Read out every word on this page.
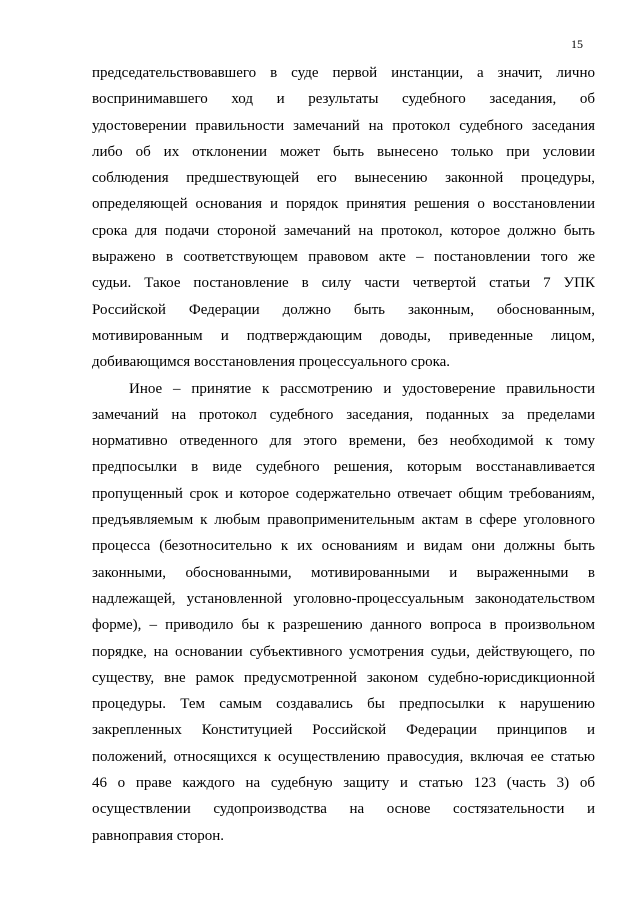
15
председательствовавшего в суде первой инстанции, а значит, лично
воспринимавшего ход и результаты судебного заседания, об
удостоверении правильности замечаний на протокол судебного заседания
либо об их отклонении может быть вынесено только при условии
соблюдения предшествующей его вынесению законной процедуры,
определяющей основания и порядок принятия решения о восстановлении
срока для подачи стороной замечаний на протокол, которое должно быть
выражено в соответствующем правовом акте – постановлении того же
судьи. Такое постановление в силу части четвертой статьи 7 УПК
Российской Федерации должно быть законным, обоснованным,
мотивированным и подтверждающим доводы, приведенные лицом,
добивающимся восстановления процессуального срока.
Иное – принятие к рассмотрению и удостоверение правильности
замечаний на протокол судебного заседания, поданных за пределами
нормативно отведенного для этого времени, без необходимой к тому
предпосылки в виде судебного решения, которым восстанавливается
пропущенный срок и которое содержательно отвечает общим требованиям,
предъявляемым к любым правоприменительным актам в сфере уголовного
процесса (безотносительно к их основаниям и видам они должны быть
законными, обоснованными, мотивированными и выраженными в
надлежащей, установленной уголовно-процессуальным законодательством
форме), – приводило бы к разрешению данного вопроса в произвольном
порядке, на основании субъективного усмотрения судьи, действующего, по
существу, вне рамок предусмотренной законом судебно-юрисдикционной
процедуры. Тем самым создавались бы предпосылки к нарушению
закрепленных Конституцией Российской Федерации принципов и
положений, относящихся к осуществлению правосудия, включая ее статью
46 о праве каждого на судебную защиту и статью 123 (часть 3) об
осуществлении судопроизводства на основе состязательности и
равноправия сторон.
